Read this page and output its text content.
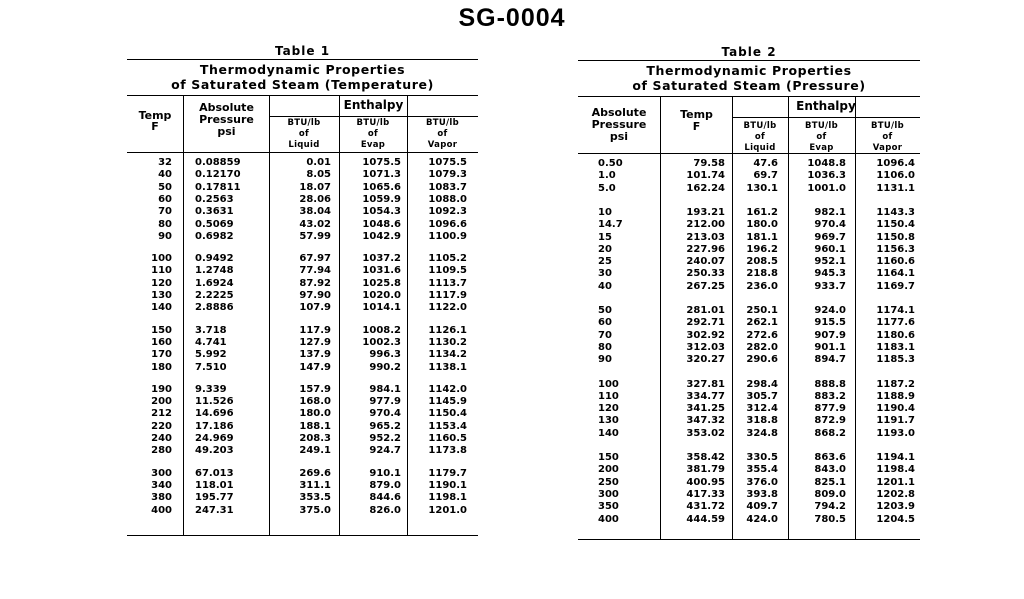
SG-0004
Table 1
Thermodynamic Properties
of Saturated Steam (Temperature)
Temp
F
Absolute
Pressure
psi
Enthalpy
BTU/lb
of
Liquid
BTU/lb
of
Evap
BTU/lb
of
Vapor
32 0.08859	0.01	1075.5	1075.5
40 0.12170	8.05	1071.3	1079.3
50 0.17811	18.07	1065.6	1083.7
60 0.2563	28.06	1059.9	1088.0
70 0.3631	38.04	1054.3	1092.3
80 0.5069	43.02	1048.6	1096.6
90 0.6982	57.99	1042.9	1100.9
100 0.9492	67.97	1037.2	1105.2
110 1.2748	77.94	1031.6	1109.5
120 1.6924	87.92	1025.8	1113.7
130 2.2225	97.90	1020.0	1117.9
140 2.8886	107.9	1014.1	1122.0
150 3.718	117.9	1008.2	1126.1
160 4.741	127.9	1002.3	1130.2
170 5.992	137.9	996.3	1134.2
180 7.510	147.9	990.2	1138.1
190 9.339	157.9	984.1	1142.0
200 11.526	168.0	977.9	1145.9
212 14.696	180.0	970.4	1150.4
220 17.186	188.1	965.2	1153.4
240 24.969	208.3	952.2	1160.5
280 49.203	249.1	924.7	1173.8
300 67.013	269.6	910.1	1179.7
340 118.01	311.1	879.0	1190.1
380 195.77	353.5	844.6	1198.1
400 247.31	375.0	826.0	1201.0
Table 2
Thermodynamic Properties
of Saturated Steam (Pressure)
Absolute
Pressure
psi
Temp
F
Enthalpy
BTU/lb
of
Liquid
BTU/lb
of
Evap
BTU/lb
of
Vapor
0.50	79.58	47.6	1048.8	1096.4
1.0	101.74	69.7	1036.3	1106.0
5.0	162.24	130.1	1001.0	1131.1
10	193.21	161.2	982.1	1143.3
14.7	212.00	180.0	970.4	1150.4
15	213.03	181.1	969.7	1150.8
20	227.96	196.2	960.1	1156.3
25	240.07	208.5	952.1	1160.6
30	250.33	218.8	945.3	1164.1
40	267.25	236.0	933.7	1169.7
50	281.01	250.1	924.0	1174.1
60	292.71	262.1	915.5	1177.6
70	302.92	272.6	907.9	1180.6
80	312.03	282.0	901.1	1183.1
90	320.27	290.6	894.7	1185.3
100	327.81	298.4	888.8	1187.2
110	334.77	305.7	883.2	1188.9
120	341.25	312.4	877.9	1190.4
130	347.32	318.8	872.9	1191.7
140	353.02	324.8	868.2	1193.0
150	358.42	330.5	863.6	1194.1
200	381.79	355.4	843.0	1198.4
250	400.95	376.0	825.1	1201.1
300	417.33	393.8	809.0	1202.8
350	431.72	409.7	794.2	1203.9
400	444.59	424.0	780.5	1204.5
